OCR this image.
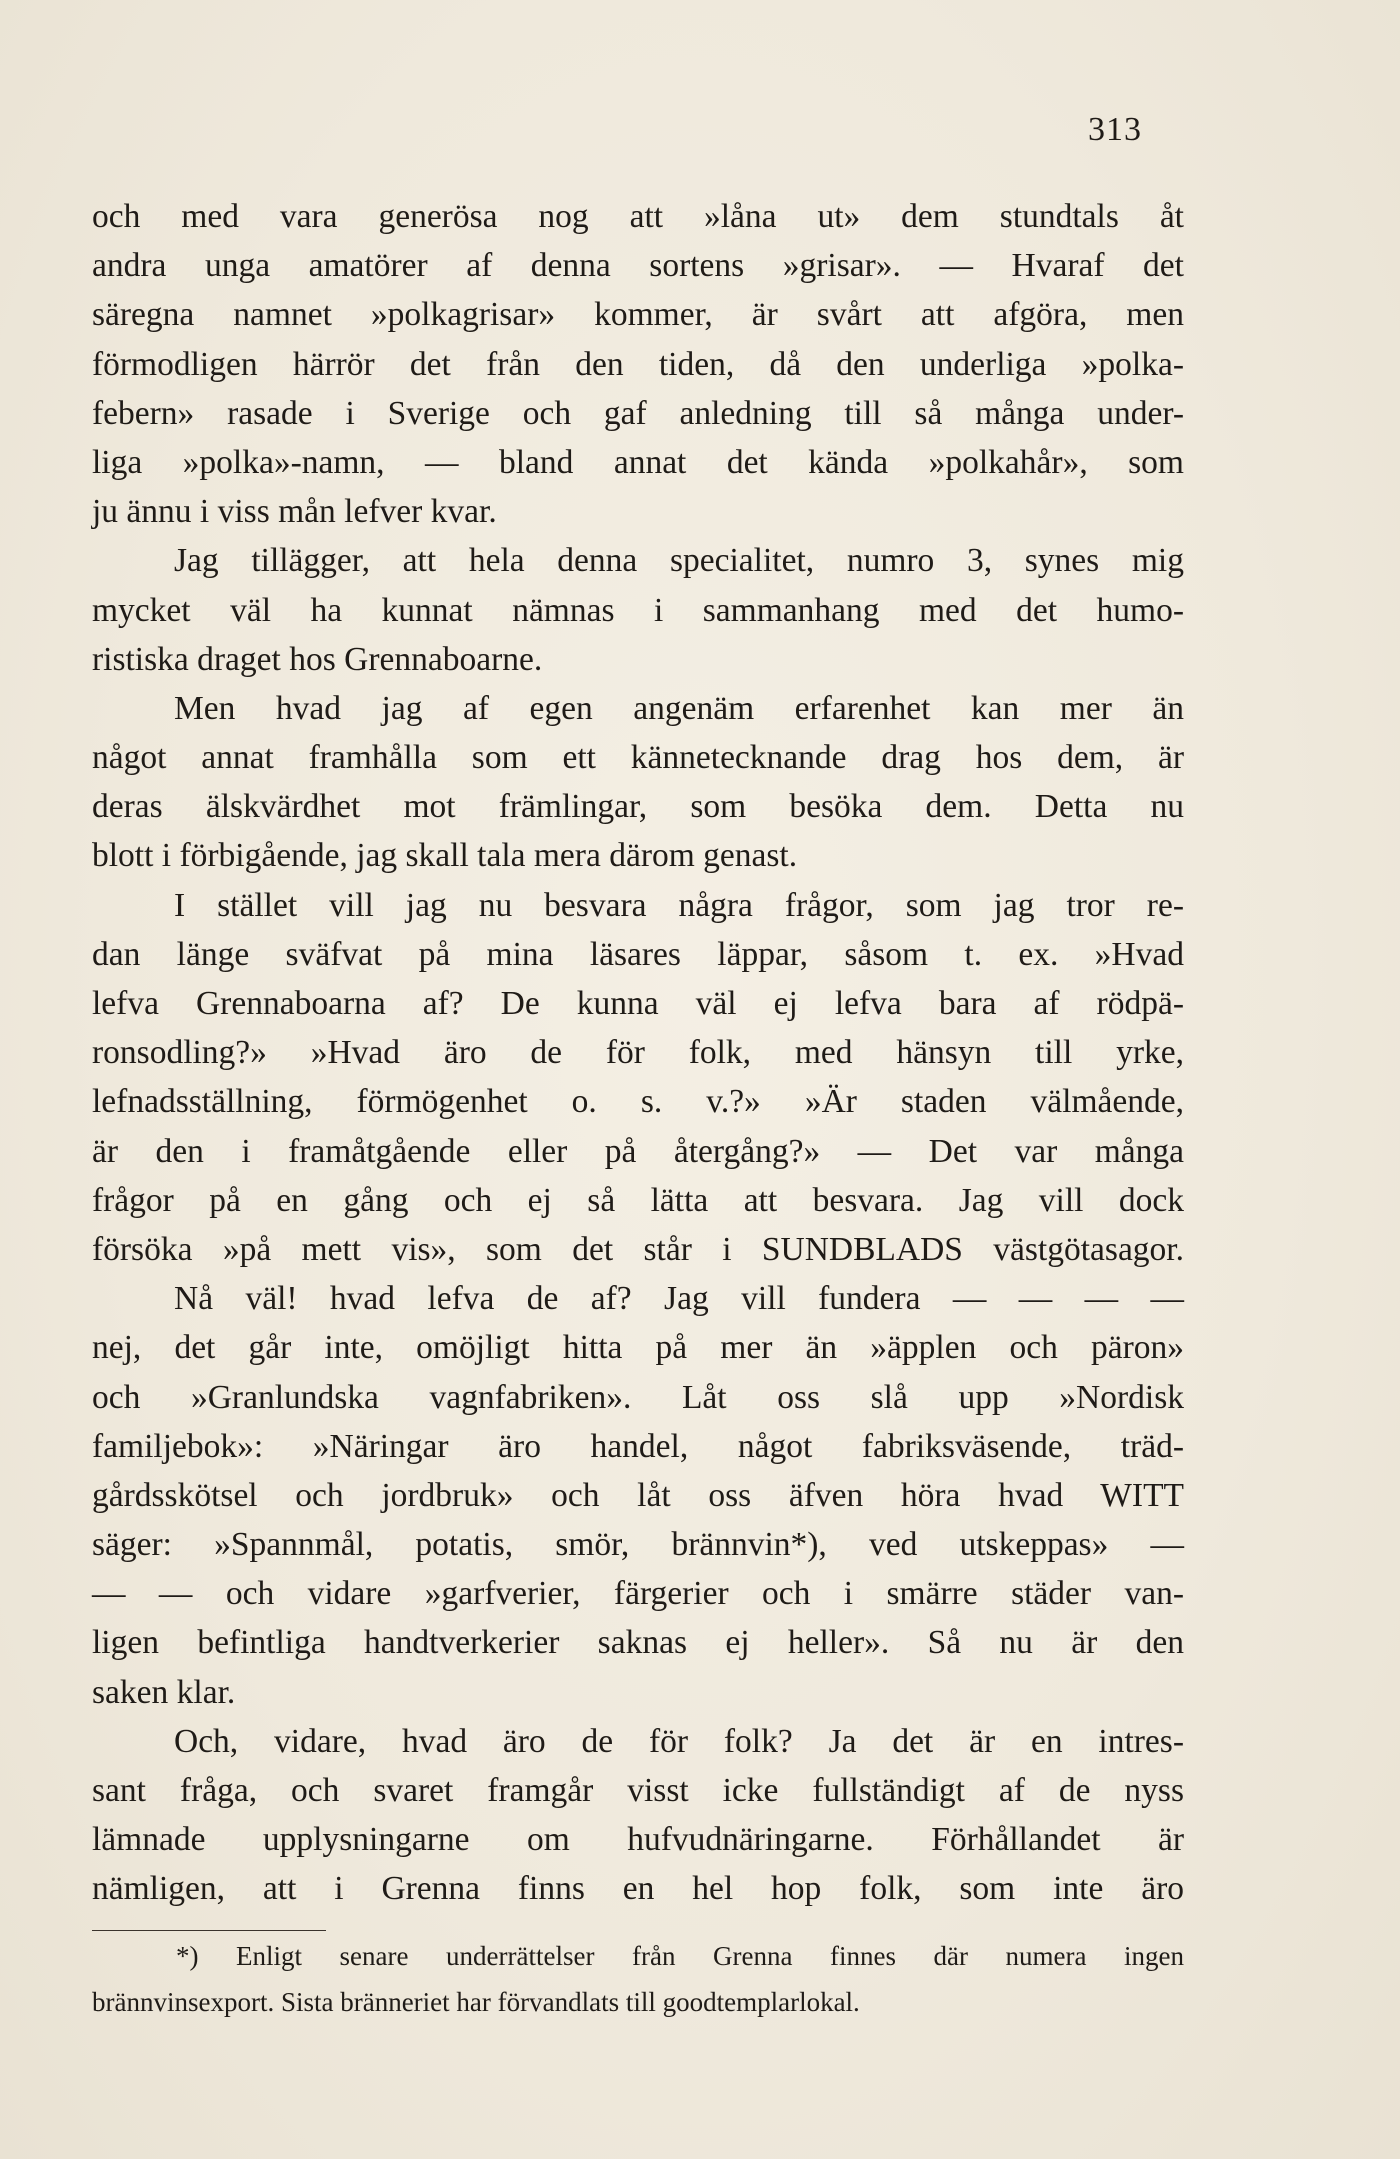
313
och med vara generösa nog att »låna ut» dem stundtals åt
andra unga amatörer af denna sortens »grisar». — Hvaraf det
säregna namnet »polkagrisar» kommer, är svårt att afgöra, men
förmodligen härrör det från den tiden, då den underliga »polka-
febern» rasade i Sverige och gaf anledning till så många under-
liga »polka»-namn, — bland annat det kända »polkahår», som
ju ännu i viss mån lefver kvar.
Jag tillägger, att hela denna specialitet, numro 3, synes mig
mycket väl ha kunnat nämnas i sammanhang med det humo-
ristiska draget hos Grennaboarne.
Men hvad jag af egen angenäm erfarenhet kan mer än
något annat framhålla som ett kännetecknande drag hos dem, är
deras älskvärdhet mot främlingar, som besöka dem. Detta nu
blott i förbigående, jag skall tala mera därom genast.
I stället vill jag nu besvara några frågor, som jag tror re-
dan länge sväfvat på mina läsares läppar, såsom t. ex. »Hvad
lefva Grennaboarna af? De kunna väl ej lefva bara af rödpä-
ronsodling?» »Hvad äro de för folk, med hänsyn till yrke,
lefnadsställning, förmögenhet o. s. v.?» »Är staden välmående,
är den i framåtgående eller på återgång?» — Det var många
frågor på en gång och ej så lätta att besvara. Jag vill dock
försöka »på mett vis», som det står i SUNDBLADS västgötasagor.
Nå väl! hvad lefva de af? Jag vill fundera — — — —
nej, det går inte, omöjligt hitta på mer än »äpplen och päron»
och »Granlundska vagnfabriken». Låt oss slå upp »Nordisk
familjebok»: »Näringar äro handel, något fabriksväsende, träd-
gårdsskötsel och jordbruk» och låt oss äfven höra hvad WITT
säger: »Spannmål, potatis, smör, brännvin*), ved utskeppas» —
— — och vidare »garfverier, färgerier och i smärre städer van-
ligen befintliga handtverkerier saknas ej heller». Så nu är den
saken klar.
Och, vidare, hvad äro de för folk? Ja det är en intres-
sant fråga, och svaret framgår visst icke fullständigt af de nyss
lämnade upplysningarne om hufvudnäringarne. Förhållandet är
nämligen, att i Grenna finns en hel hop folk, som inte äro
*) Enligt senare underrättelser från Grenna finnes där numera ingen
brännvinsexport. Sista bränneriet har förvandlats till goodtemplarlokal.
